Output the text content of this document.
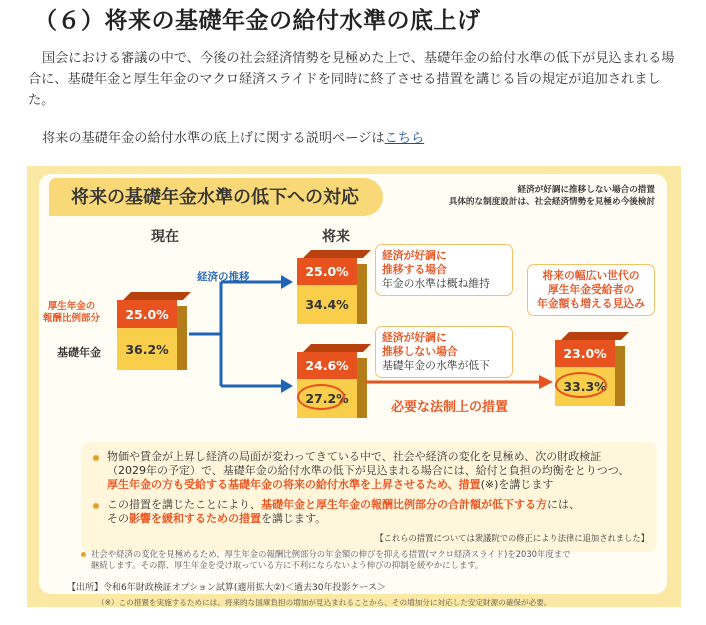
（６）将来の基礎年金の給付水準の底上げ

国会における審議の中で、今後の社会経済情勢を見極めた上で、基礎年金の給付水準の低下が見込まれる場合に、基礎年金と厚生年金のマクロ経済スライドを同時に終了させる措置を講じる旨の規定が追加されました。

将来の基礎年金の給付水準の底上げに関する説明ページはこちら
将来の基礎年金水準の低下への対応	経済が好調に推移しない場合の措置
具体的な制度設計は、社会経済情勢を見極め今後検討
現在	将来
厚生年金の
報酬比例部分
基礎年金
25.0%
36.2%
経済の推移	25.0%
34.4%
24.6%
27.2%
経済が好調に
推移する場合
年金の水準は概ね維持
経済が好調に
推移しない場合
基礎年金の水準が低下
将来の幅広い世代の
厚生年金受給者の
年金額も増える見込み
必要な法制上の措置
23.0%
33.3%
物価や賃金が上昇し経済の局面が変わってきている中で、社会や経済の変化を見極め、次の財政検証
（2029年の予定）で、基礎年金の給付水準の低下が見込まれる場合には、給付と負担の均衡をとりつつ、
厚生年金の方も受給する基礎年金の将来の給付水準を上昇させるため、措置(※)を講じます
この措置を講じたことにより、基礎年金と厚生年金の報酬比例部分の合計額が低下する方には、
その影響を緩和するための措置を講じます。
【これらの措置については衆議院での修正により法律に追加されました】
社会や経済の変化を見極めるため、厚生年金の報酬比例部分の年金額の伸びを抑える措置(マクロ経済スライド)を2030年度まで
継続します。その際、厚生年金を受け取っている方に不利にならないよう伸びの抑制を緩やかにします。
【出所】令和6年財政検証オプション試算(適用拡大②)＜過去30年投影ケース＞
（※）この措置を実施するためには、将来的な国庫負担の増加が見込まれることから、その増加分に対応した安定財源の確保が必要。
